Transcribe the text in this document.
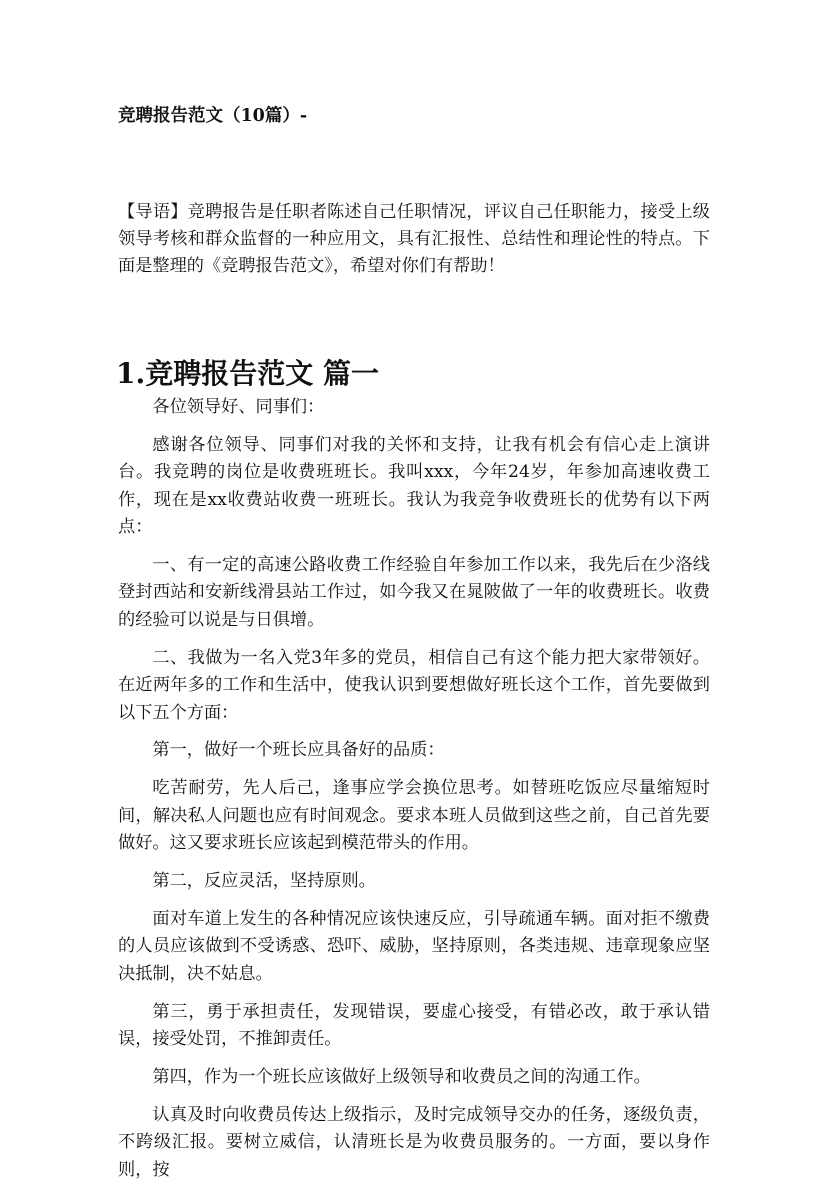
竞聘报告范文（10篇）-
【导语】竞聘报告是任职者陈述自己任职情况，评议自己任职能力，接受上级领导考核和群众监督的一种应用文，具有汇报性、总结性和理论性的特点。下面是整理的《竞聘报告范文》，希望对你们有帮助！
1.竞聘报告范文 篇一

各位领导好、同事们：

感谢各位领导、同事们对我的关怀和支持，让我有机会有信心走上演讲台。我竞聘的岗位是收费班班长。我叫xxx，今年24岁，年参加高速收费工作，现在是xx收费站收费一班班长。我认为我竞争收费班长的优势有以下两点：

一、有一定的高速公路收费工作经验自年参加工作以来，我先后在少洛线登封西站和安新线滑县站工作过，如今我又在晁陂做了一年的收费班长。收费的经验可以说是与日俱增。

二、我做为一名入党3年多的党员，相信自己有这个能力把大家带领好。在近两年多的工作和生活中，使我认识到要想做好班长这个工作，首先要做到以下五个方面：

第一，做好一个班长应具备好的品质：

吃苦耐劳，先人后己，逢事应学会换位思考。如替班吃饭应尽量缩短时间，解决私人问题也应有时间观念。要求本班人员做到这些之前，自己首先要做好。这又要求班长应该起到模范带头的作用。

第二，反应灵活，坚持原则。

面对车道上发生的各种情况应该快速反应，引导疏通车辆。面对拒不缴费的人员应该做到不受诱惑、恐吓、威胁，坚持原则，各类违规、违章现象应坚决抵制，决不姑息。

第三，勇于承担责任，发现错误，要虚心接受，有错必改，敢于承认错误，接受处罚，不推卸责任。

第四，作为一个班长应该做好上级领导和收费员之间的沟通工作。

认真及时向收费员传达上级指示，及时完成领导交办的任务，逐级负责，不跨级汇报。要树立威信，认清班长是为收费员服务的。一方面，要以身作则，按
